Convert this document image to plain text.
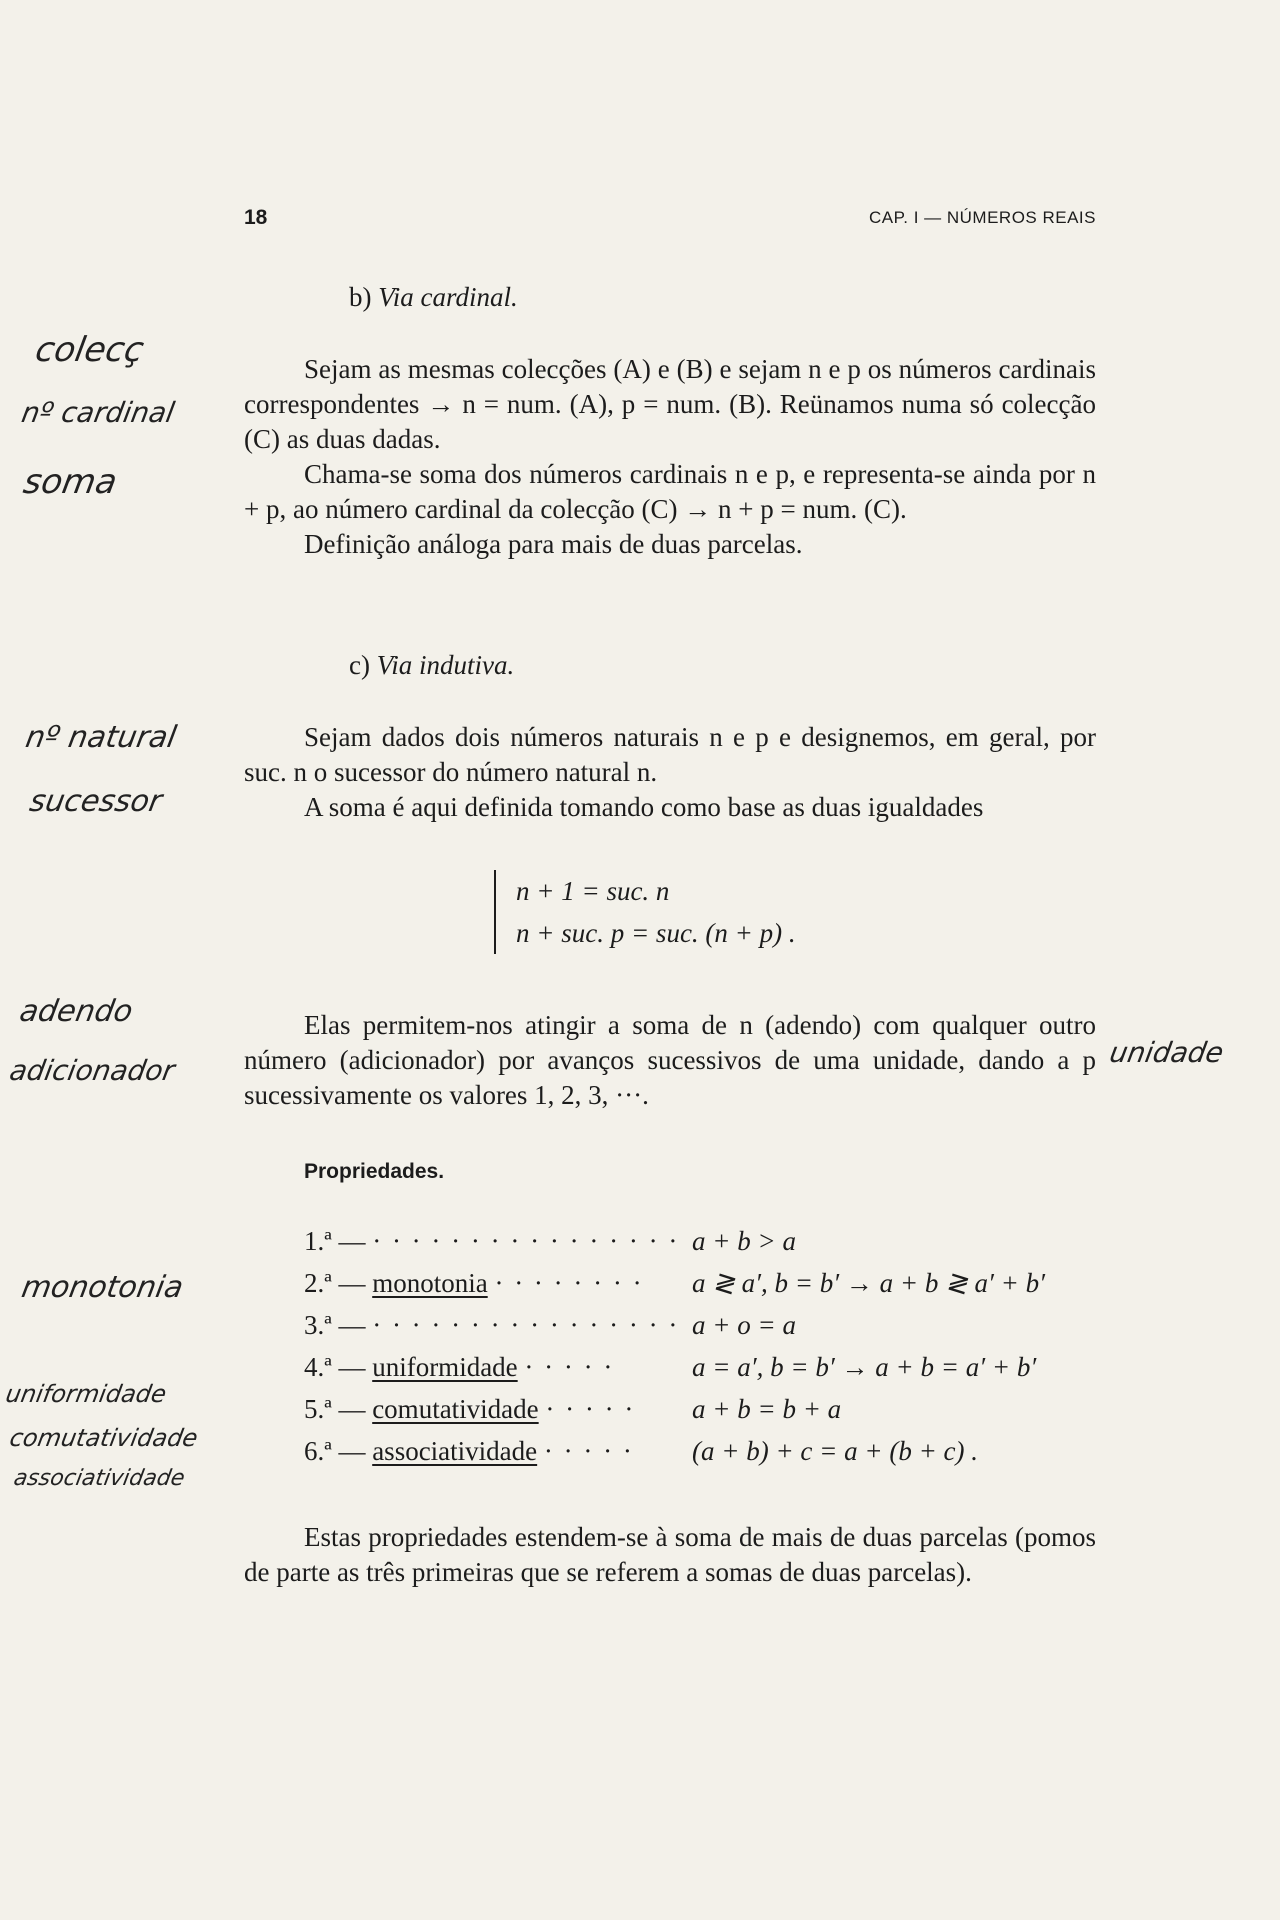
18	CAP. I — NÚMEROS REAIS
b) Via cardinal.

Sejam as mesmas colecções (A) e (B) e sejam n e p os números cardinais correspondentes → n = num. (A), p = num. (B). Reünamos numa só colecção (C) as duas dadas.

Chama-se soma dos números cardinais n e p, e representa-se ainda por n + p, ao número cardinal da colecção (C) → n + p = num. (C).

Definição análoga para mais de duas parcelas.

c) Via indutiva.

Sejam dados dois números naturais n e p e designemos, em geral, por suc. n o sucessor do número natural n.

A soma é aqui definida tomando como base as duas igualdades

n + 1 = suc. n
n + suc. p = suc. (n + p) .

Elas permitem-nos atingir a soma de n (adendo) com qualquer outro número (adicionador) por avanços sucessivos de uma unidade, dando a p sucessivamente os valores 1, 2, 3, ···.

Propriedades.
1.ª — · · · · · · · · · · · · · · · · a + b > a
2.ª — monotonia · · · · · · · · a ≷ a′, b = b′ → a + b ≷ a′ + b′
3.ª — · · · · · · · · · · · · · · · · a + o = a
4.ª — uniformidade · · · · ·	a = a′, b = b′ → a + b = a′ + b′
5.ª — comutatividade · · · · · a + b = b + a
6.ª — associatividade · · · · · (a + b) + c = a + (b + c) .

Estas propriedades estendem-se à soma de mais de duas parcelas (pomos de parte as três primeiras que se referem a somas de duas parcelas).

colecç
nº cardinal
soma
nº natural
sucessor
adendo
adicionador
unidade
monotonia
uniformidade
comutatividade
associatividade
